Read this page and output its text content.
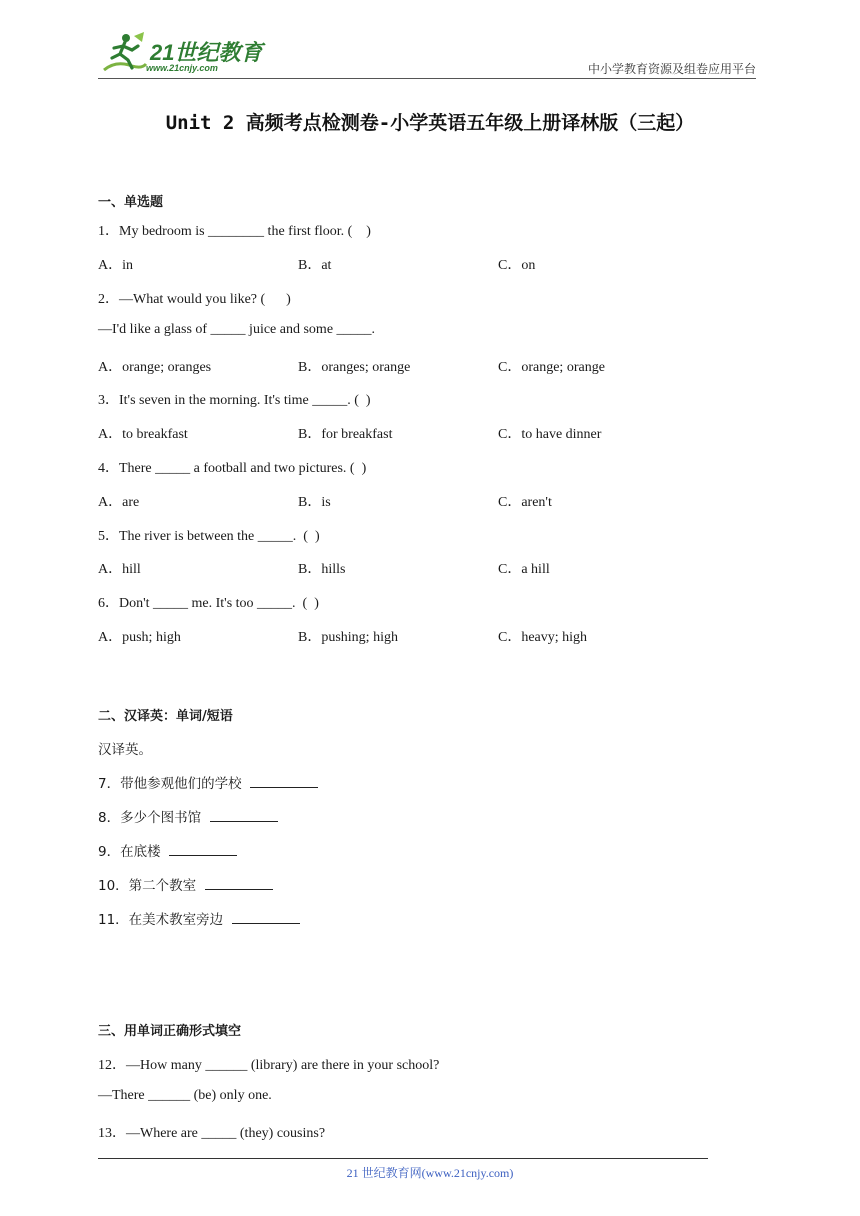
21世纪教育
www.21cnjy.com	中小学教育资源及组卷应用平台
Unit 2 高频考点检测卷-小学英语五年级上册译林版（三起）
一、单选题
1．My bedroom is ________ the first floor. (    )
A．in	B．at	C．on
2．—What would you like? (      )
—I'd like a glass of _____ juice and some _____.
A．orange; oranges	B．oranges; orange	C．orange; orange
3．It's seven in the morning. It's time _____. (  )
A．to breakfast	B．for breakfast	C．to have dinner
4．There _____ a football and two pictures. (  )
A．are	B．is	C．aren't
5．The river is between the _____.  (  )
A．hill	B．hills	C．a hill
6．Don't _____ me. It's too _____.  (  )
A．push; high	B．pushing; high	C．heavy; high
二、汉译英：单词/短语
汉译英。
7．带他参观他们的学校
8．多少个图书馆
9．在底楼
10．第二个教室
11．在美术教室旁边
三、用单词正确形式填空
12．—How many ______ (library) are there in your school?
—There ______ (be) only one.
13．—Where are _____ (they) cousins?
21 世纪教育网(www.21cnjy.com)
